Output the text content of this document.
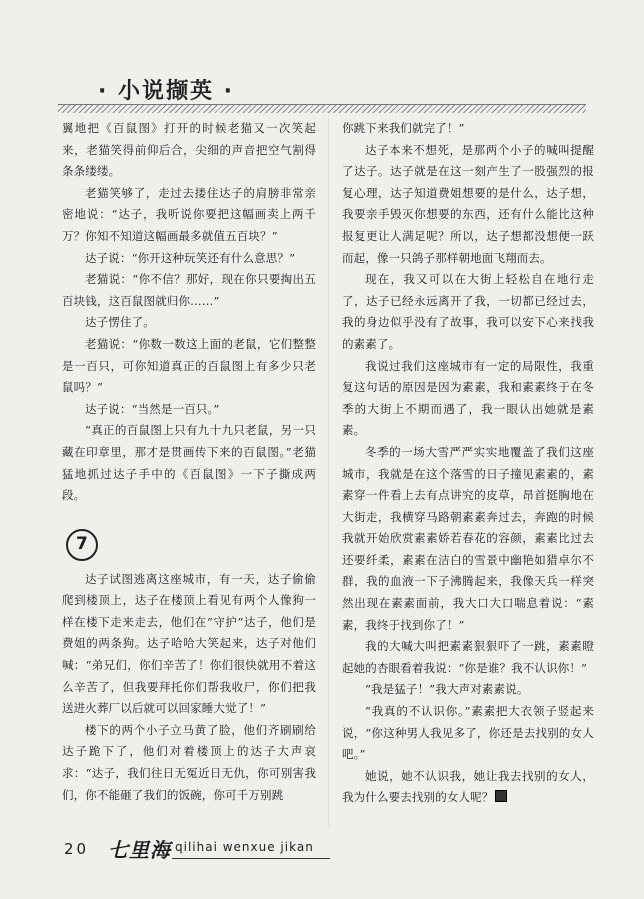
· 小说撷英 ·

翼地把《百鼠图》打开的时候老猫又一次笑起来，老猫笑得前仰后合，尖细的声音把空气割得条条缕缕。

老猫笑够了，走过去搂住达子的肩膀非常亲密地说：“达子，我听说你要把这幅画卖上两千万？你知不知道这幅画最多就值五百块？”

达子说：“你开这种玩笑还有什么意思？”

老猫说：“你不信？那好，现在你只要掏出五百块钱，这百鼠图就归你……”

达子愣住了。

老猫说：“你数一数这上面的老鼠，它们整整是一百只，可你知道真正的百鼠图上有多少只老鼠吗？”

达子说：“当然是一百只。”

“真正的百鼠图上只有九十九只老鼠，另一只藏在印章里，那才是贯画传下来的百鼠图。”老猫猛地抓过达子手中的《百鼠图》一下子撕成两段。

7

达子试图逃离这座城市，有一天，达子偷偷爬到楼顶上，达子在楼顶上看见有两个人像狗一样在楼下走来走去，他们在“守护”达子，他们是费姐的两条狗。达子哈哈大笑起来，达子对他们喊：“弟兄们，你们辛苦了！你们很快就用不着这么辛苦了，但我要拜托你们帮我收尸，你们把我送进火葬厂以后就可以回家睡大觉了！”

楼下的两个小子立马黄了脸，他们齐刷刷给达子跪下了，他们对着楼顶上的达子大声哀求：“达子，我们往日无冤近日无仇，你可别害我们，你不能砸了我们的饭碗，你可千万别跳

你跳下来我们就完了！”

达子本来不想死，是那两个小子的喊叫提醒了达子。达子就是在这一刻产生了一股强烈的报复心理，达子知道费姐想要的是什么，达子想，我要亲手毁灭你想要的东西，还有什么能比这种报复更让人满足呢？所以，达子想都没想便一跃而起，像一只鸽子那样朝地面飞翔而去。

现在，我又可以在大街上轻松自在地行走了，达子已经永远离开了我，一切都已经过去，我的身边似乎没有了故事，我可以安下心来找我的素素了。

我说过我们这座城市有一定的局限性，我重复这句话的原因是因为素素，我和素素终于在冬季的大街上不期而遇了，我一眼认出她就是素素。

冬季的一场大雪严严实实地覆盖了我们这座城市，我就是在这个落雪的日子撞见素素的，素素穿一件看上去有点讲究的皮草，昂首挺胸地在大街走，我横穿马路朝素素奔过去，奔跑的时候我就开始欣赏素素娇若春花的容颜，素素比过去还要纤柔，素素在洁白的雪景中幽艳如猎卓尔不群，我的血液一下子沸腾起来，我像天兵一样突然出现在素素面前，我大口大口喘息着说：“素素，我终于找到你了！”

我的大喊大叫把素素狠狠吓了一跳，素素瞪起她的杏眼看着我说：“你是谁？我不认识你！”

“我是猛子！”我大声对素素说。

“我真的不认识你。”素素把大衣领子竖起来说，“你这种男人我见多了，你还是去找别的女人吧。”

她说，她不认识我，她让我去找别的女人，我为什么要去找别的女人呢？

20 七里海 qilihai wenxue jikan
